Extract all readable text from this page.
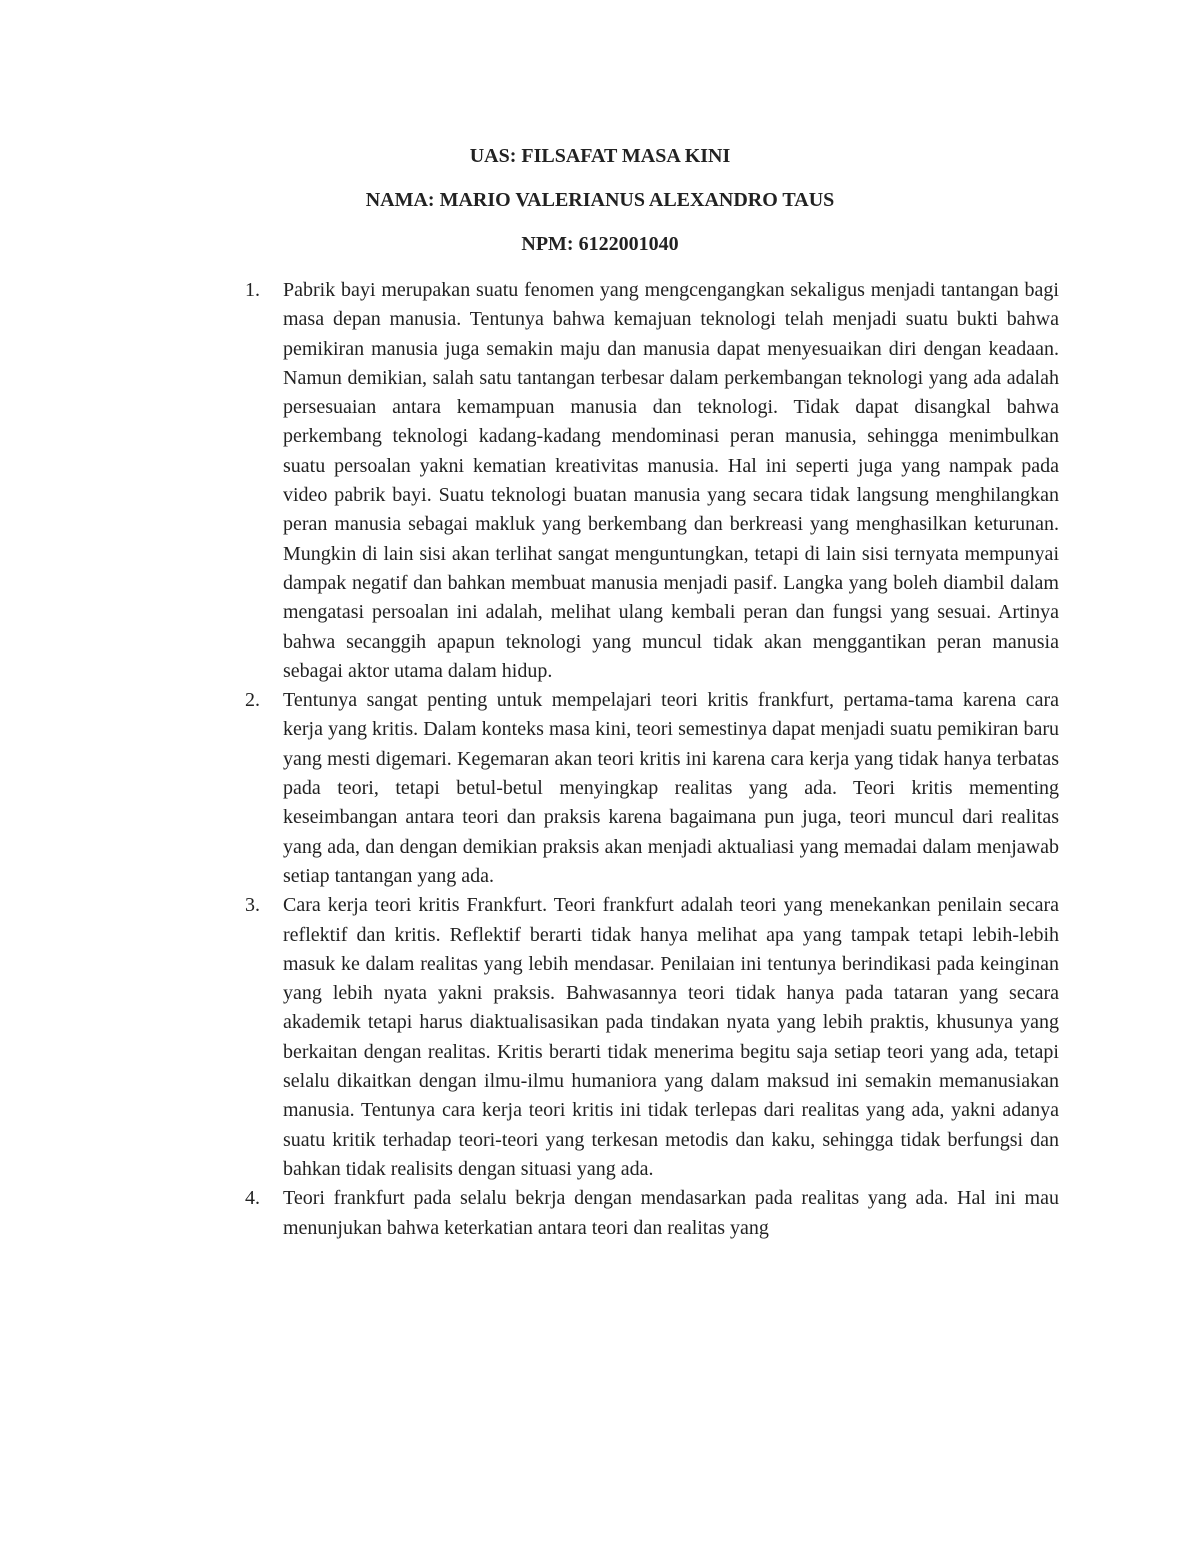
UAS: FILSAFAT MASA KINI

NAMA: MARIO VALERIANUS ALEXANDRO TAUS

NPM: 6122001040

1.	Pabrik bayi merupakan suatu fenomen yang mengcengangkan sekaligus menjadi tantangan bagi masa depan manusia. Tentunya bahwa kemajuan teknologi telah menjadi suatu bukti bahwa pemikiran manusia juga semakin maju dan manusia dapat menyesuaikan diri dengan keadaan. Namun demikian, salah satu tantangan terbesar dalam perkembangan teknologi yang ada adalah persesuaian antara kemampuan manusia dan teknologi. Tidak dapat disangkal bahwa perkembang teknologi kadang-kadang mendominasi peran manusia, sehingga menimbulkan suatu persoalan yakni kematian kreativitas manusia. Hal ini seperti juga yang nampak pada video pabrik bayi. Suatu teknologi buatan manusia yang secara tidak langsung menghilangkan peran manusia sebagai makluk yang berkembang dan berkreasi yang menghasilkan keturunan. Mungkin di lain sisi akan terlihat sangat menguntungkan, tetapi di lain sisi ternyata mempunyai dampak negatif dan bahkan membuat manusia menjadi pasif. Langka yang boleh diambil dalam mengatasi persoalan ini adalah, melihat ulang kembali peran dan fungsi yang sesuai. Artinya bahwa secanggih apapun teknologi yang muncul tidak akan menggantikan peran manusia sebagai aktor utama dalam hidup.
2.	Tentunya sangat penting untuk mempelajari teori kritis frankfurt, pertama-tama karena cara kerja yang kritis. Dalam konteks masa kini, teori semestinya dapat menjadi suatu pemikiran baru yang mesti digemari. Kegemaran akan teori kritis ini karena cara kerja yang tidak hanya terbatas pada teori, tetapi betul-betul menyingkap realitas yang ada. Teori kritis mementing keseimbangan antara teori dan praksis karena bagaimana pun juga, teori muncul dari realitas yang ada, dan dengan demikian praksis akan menjadi aktualiasi yang memadai dalam menjawab setiap tantangan yang ada.
3.	Cara kerja teori kritis Frankfurt. Teori frankfurt adalah teori yang menekankan penilain secara reflektif dan kritis. Reflektif berarti tidak hanya melihat apa yang tampak tetapi lebih-lebih masuk ke dalam realitas yang lebih mendasar. Penilaian ini tentunya berindikasi pada keinginan yang lebih nyata yakni praksis. Bahwasannya teori tidak hanya pada tataran yang secara akademik tetapi harus diaktualisasikan pada tindakan nyata yang lebih praktis, khusunya yang berkaitan dengan realitas. Kritis berarti tidak menerima begitu saja setiap teori yang ada, tetapi selalu dikaitkan dengan ilmu-ilmu humaniora yang dalam maksud ini semakin memanusiakan manusia. Tentunya cara kerja teori kritis ini tidak terlepas dari realitas yang ada, yakni adanya suatu kritik terhadap teori-teori yang terkesan metodis dan kaku, sehingga tidak berfungsi dan bahkan tidak realisits dengan situasi yang ada.
4.	Teori frankfurt pada selalu bekrja dengan mendasarkan pada realitas yang ada. Hal ini mau menunjukan bahwa keterkatian antara teori dan realitas yang
